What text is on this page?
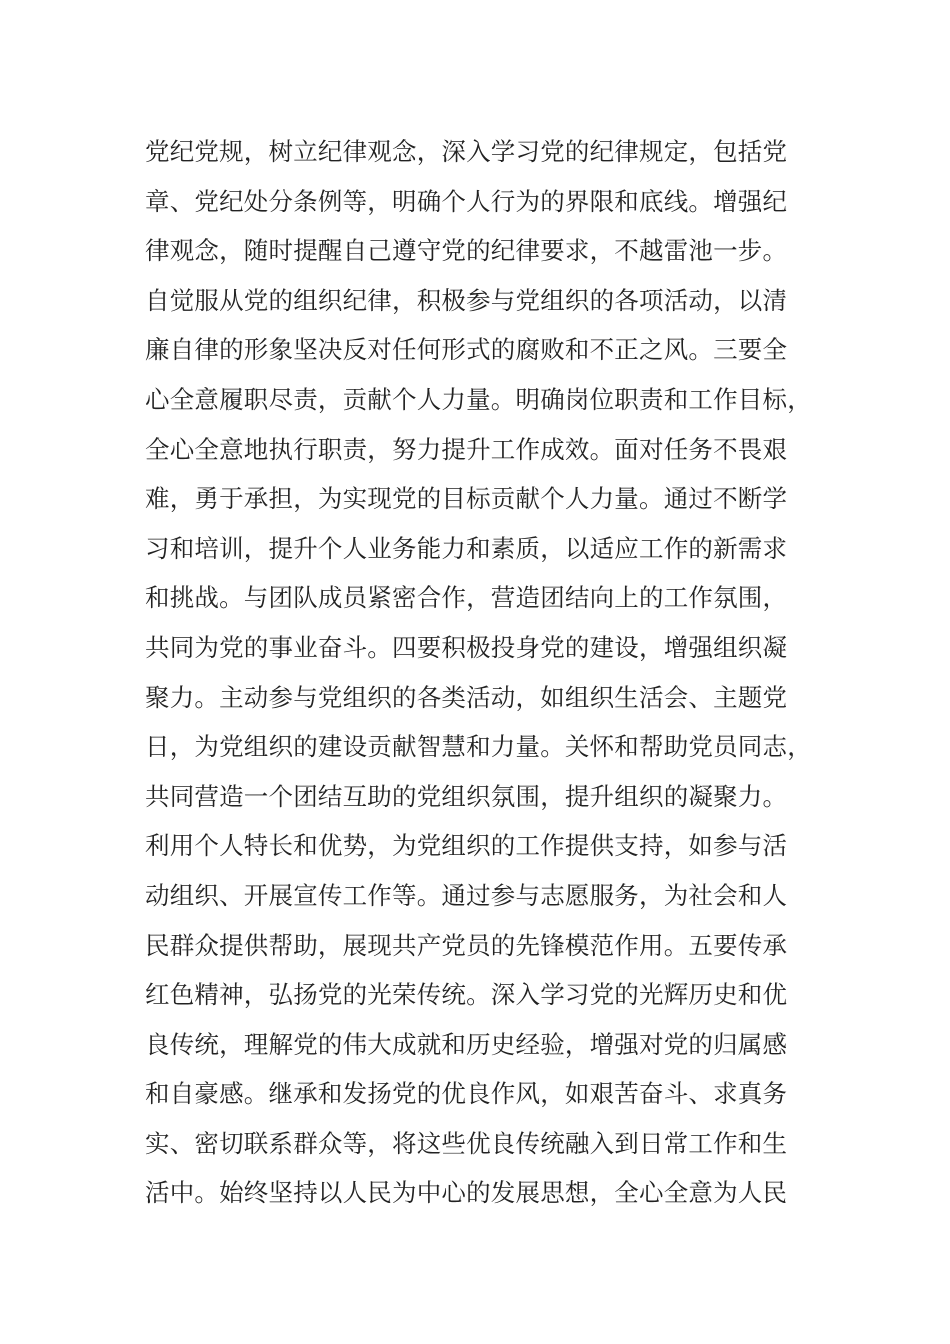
党纪党规，树立纪律观念，深入学习党的纪律规定，包括党
章、党纪处分条例等，明确个人行为的界限和底线。增强纪
律观念，随时提醒自己遵守党的纪律要求，不越雷池一步。
自觉服从党的组织纪律，积极参与党组织的各项活动，以清
廉自律的形象坚决反对任何形式的腐败和不正之风。三要全
心全意履职尽责，贡献个人力量。明确岗位职责和工作目标，
全心全意地执行职责，努力提升工作成效。面对任务不畏艰
难，勇于承担，为实现党的目标贡献个人力量。通过不断学
习和培训，提升个人业务能力和素质，以适应工作的新需求
和挑战。与团队成员紧密合作，营造团结向上的工作氛围，
共同为党的事业奋斗。四要积极投身党的建设，增强组织凝
聚力。主动参与党组织的各类活动，如组织生活会、主题党
日，为党组织的建设贡献智慧和力量。关怀和帮助党员同志，
共同营造一个团结互助的党组织氛围，提升组织的凝聚力。
利用个人特长和优势，为党组织的工作提供支持，如参与活
动组织、开展宣传工作等。通过参与志愿服务，为社会和人
民群众提供帮助，展现共产党员的先锋模范作用。五要传承
红色精神，弘扬党的光荣传统。深入学习党的光辉历史和优
良传统，理解党的伟大成就和历史经验，增强对党的归属感
和自豪感。继承和发扬党的优良作风，如艰苦奋斗、求真务
实、密切联系群众等，将这些优良传统融入到日常工作和生
活中。始终坚持以人民为中心的发展思想，全心全意为人民
